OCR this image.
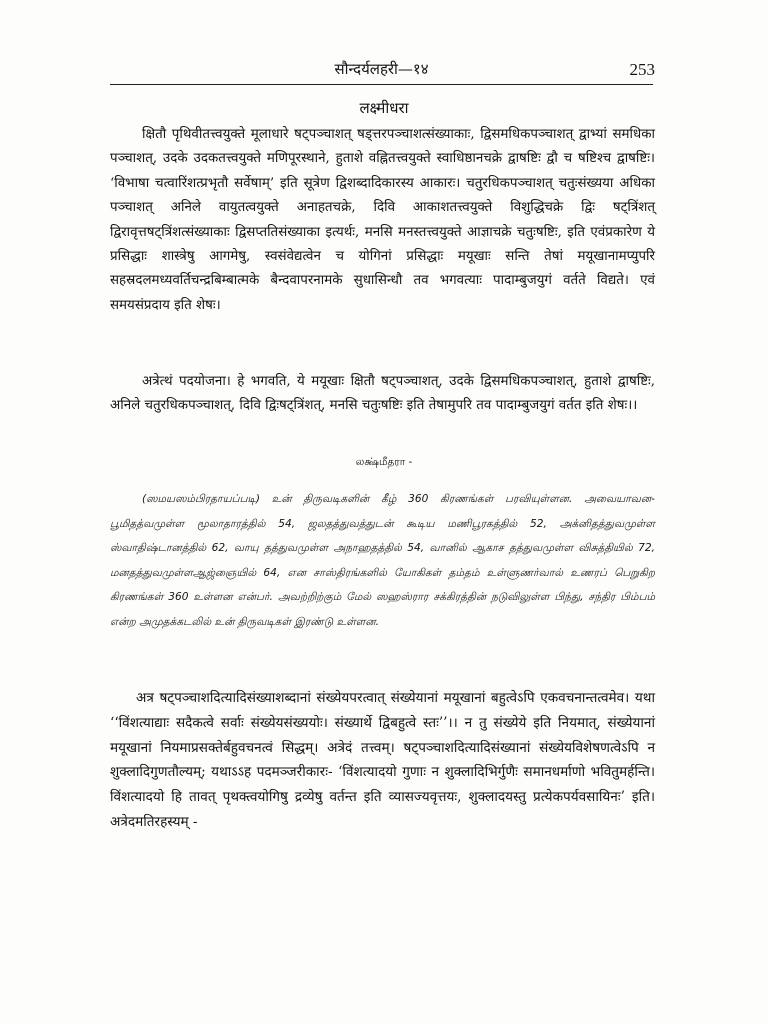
सौन्दर्यलहरी—१४	253
लक्ष्मीधरा

क्षितौ पृथिवीतत्त्वयुक्ते मूलाधारे षट्पञ्चाशत् षड्त्तरपञ्चाशत्संख्याकाः, द्विसमधिकपञ्चाशत् द्वाभ्यां समधिका पञ्चाशत्, उदके उदकतत्त्वयुक्ते मणिपूरस्थाने, हुताशे वह्नितत्त्वयुक्ते स्वाधिष्ठानचक्रे द्वाषष्टिः द्वौ च षष्टिश्च द्वाषष्टिः। ‘विभाषा चत्वारिंशत्प्रभृतौ सर्वेषाम्’ इति सूत्रेण द्विशब्दादिकारस्य आकारः। चतुरधिकपञ्चाशत् चतुःसंख्यया अधिका पञ्चाशत् अनिले वायुतत्वयुक्ते अनाहतचक्रे, दिवि आकाशतत्त्वयुक्ते विशुद्धिचक्रे द्विः षट्त्रिंशत् द्विरावृत्तषट्त्रिंशत्संख्याकाः द्विसप्ततिसंख्याका इत्यर्थः, मनसि मनस्तत्त्वयुक्ते आज्ञाचक्रे चतुःषष्टिः, इति एवंप्रकारेण ये प्रसिद्धाः शास्त्रेषु आगमेषु, स्वसंवेद्यत्वेन च योगिनां प्रसिद्धाः मयूखाः सन्ति तेषां मयूखानामप्युपरि सहस्रदलमध्यवर्तिचन्द्रबिम्बात्मके बैन्दवापरनामके सुधासिन्धौ तव भगवत्याः पादाम्बुजयुगं वर्तते विद्यते। एवं समयसंप्रदाय इति शेषः।

अत्रेत्थं पदयोजना। हे भगवति, ये मयूखाः क्षितौ षट्पञ्चाशत्, उदके द्विसमधिकपञ्चाशत्, हुताशे द्वाषष्टिः, अनिले चतुरधिकपञ्चाशत्, दिवि द्विःषट्त्रिंशत्, मनसि चतुःषष्टिः इति तेषामुपरि तव पादाम्बुजयुगं वर्तत इति शेषः।।

லக்ஷ்மீதரா -

(ஸமயஸம்பிரதாயப்படி) உன் திருவடிகளின் கீழ் 360 கிரணங்கள் பரவியுள்ளன. அவையாவன- பூமிதத்வமுள்ள மூலாதாரத்தில் 54, ஜலதத்துவத்துடன் கூடிய மணிபூரகத்தில் 52, அக்னிதத்துவமுள்ள ஸ்வாதிஷ்டானத்தில் 62, வாயு தத்துவமுள்ள அநாஹதத்தில் 54, வானில் ஆகாச தத்துவமுள்ள விசுத்தியில் 72, மனதத்துவமுள்ளஆஜ்ஞையில் 64, என சாஸ்திரங்களில் யோகிகள் தம்தம் உள்ளுணர்வால் உணரப் பெறுகிற கிரணங்கள் 360 உள்ளன என்பர். அவற்றிற்கும் மேல் ஸஹஸ்ரார சக்கிரத்தின் நடுவிலுள்ள பிந்து, சந்திர பிம்பம் என்ற அமுதக்கடலில் உன் திருவடிகள் இரண்டு உள்ளன.

अत्र षट्पञ्चाशदित्यादिसंख्याशब्दानां संख्येयपरत्वात् संख्येयानां मयूखानां बहुत्वेऽपि एकवचनान्तत्वमेव। यथा ‘‘विंशत्याद्याः सदैकत्वे सर्वाः संख्येयसंख्ययोः। संख्यार्थे द्विबहुत्वे स्तः’’।। न तु संख्येये इति नियमात्, संख्येयानां मयूखानां नियमाप्रसक्तेर्बहुवचनत्वं सिद्धम्। अत्रेदं तत्त्वम्। षट्पञ्चाशदित्यादिसंख्यानां संख्येयविशेषणत्वेऽपि न शुक्लादिगुणतौल्यम्; यथाऽऽह पदमञ्जरीकारः- ‘विंशत्यादयो गुणाः न शुक्लादिभिर्गुणैः समानधर्माणो भवितुमर्हन्ति। विंशत्यादयो हि तावत् पृथक्त्वयोगिषु द्रव्येषु वर्तन्त इति व्यासज्यवृत्तयः, शुक्लादयस्तु प्रत्येकपर्यवसायिनः’ इति। अत्रेदमतिरहस्यम् -
